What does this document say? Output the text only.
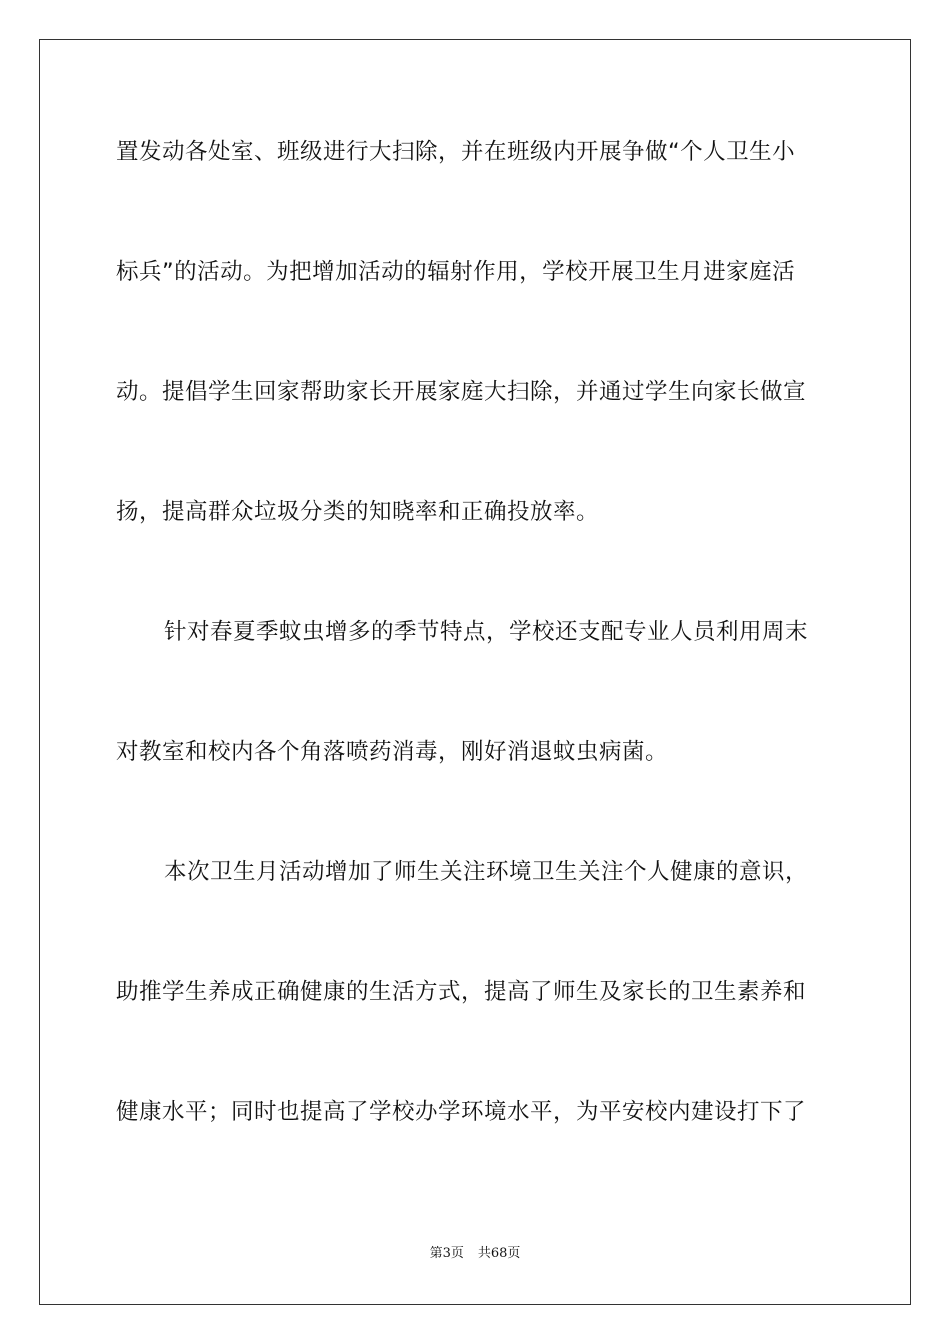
置发动各处室、班级进行大扫除，并在班级内开展争做“个人卫生小
标兵”的活动。为把增加活动的辐射作用，学校开展卫生月进家庭活
动。提倡学生回家帮助家长开展家庭大扫除，并通过学生向家长做宣
扬，提高群众垃圾分类的知晓率和正确投放率。
针对春夏季蚊虫增多的季节特点，学校还支配专业人员利用周末
对教室和校内各个角落喷药消毒，刚好消退蚊虫病菌。
本次卫生月活动增加了师生关注环境卫生关注个人健康的意识，
助推学生养成正确健康的生活方式，提高了师生及家长的卫生素养和
健康水平；同时也提高了学校办学环境水平，为平安校内建设打下了
第3页 共68页
